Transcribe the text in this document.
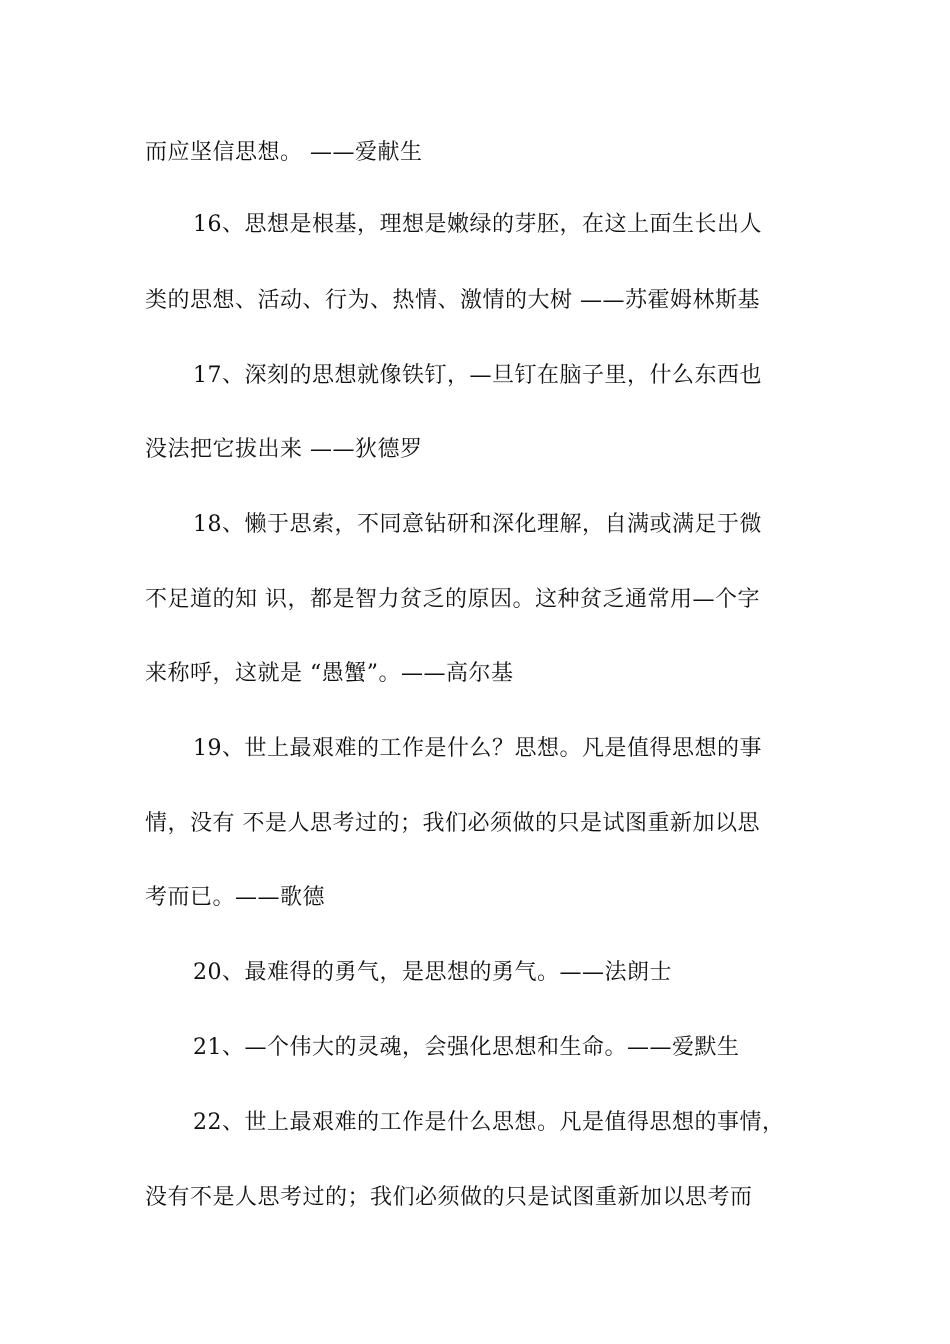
而应坚信思想。 ——爱献生
16、思想是根基，理想是嫩绿的芽胚，在这上面生长出人
类的思想、活动、行为、热情、激情的大树 ——苏霍姆林斯基
17、深刻的思想就像铁钉，—旦钉在脑子里，什么东西也
没法把它拔出来 ——狄德罗
18、懒于思索，不同意钻研和深化理解，自满或满足于微
不足道的知 识，都是智力贫乏的原因。这种贫乏通常用—个字
来称呼，这就是 “愚蟹”。——高尔基
19、世上最艰难的工作是什么？思想。凡是值得思想的事
情，没有 不是人思考过的；我们必须做的只是试图重新加以思
考而已。——歌德
20、最难得的勇气，是思想的勇气。——法朗士
21、—个伟大的灵魂，会强化思想和生命。——爱默生
22、世上最艰难的工作是什么思想。凡是值得思想的事情，
没有不是人思考过的；我们必须做的只是试图重新加以思考而
